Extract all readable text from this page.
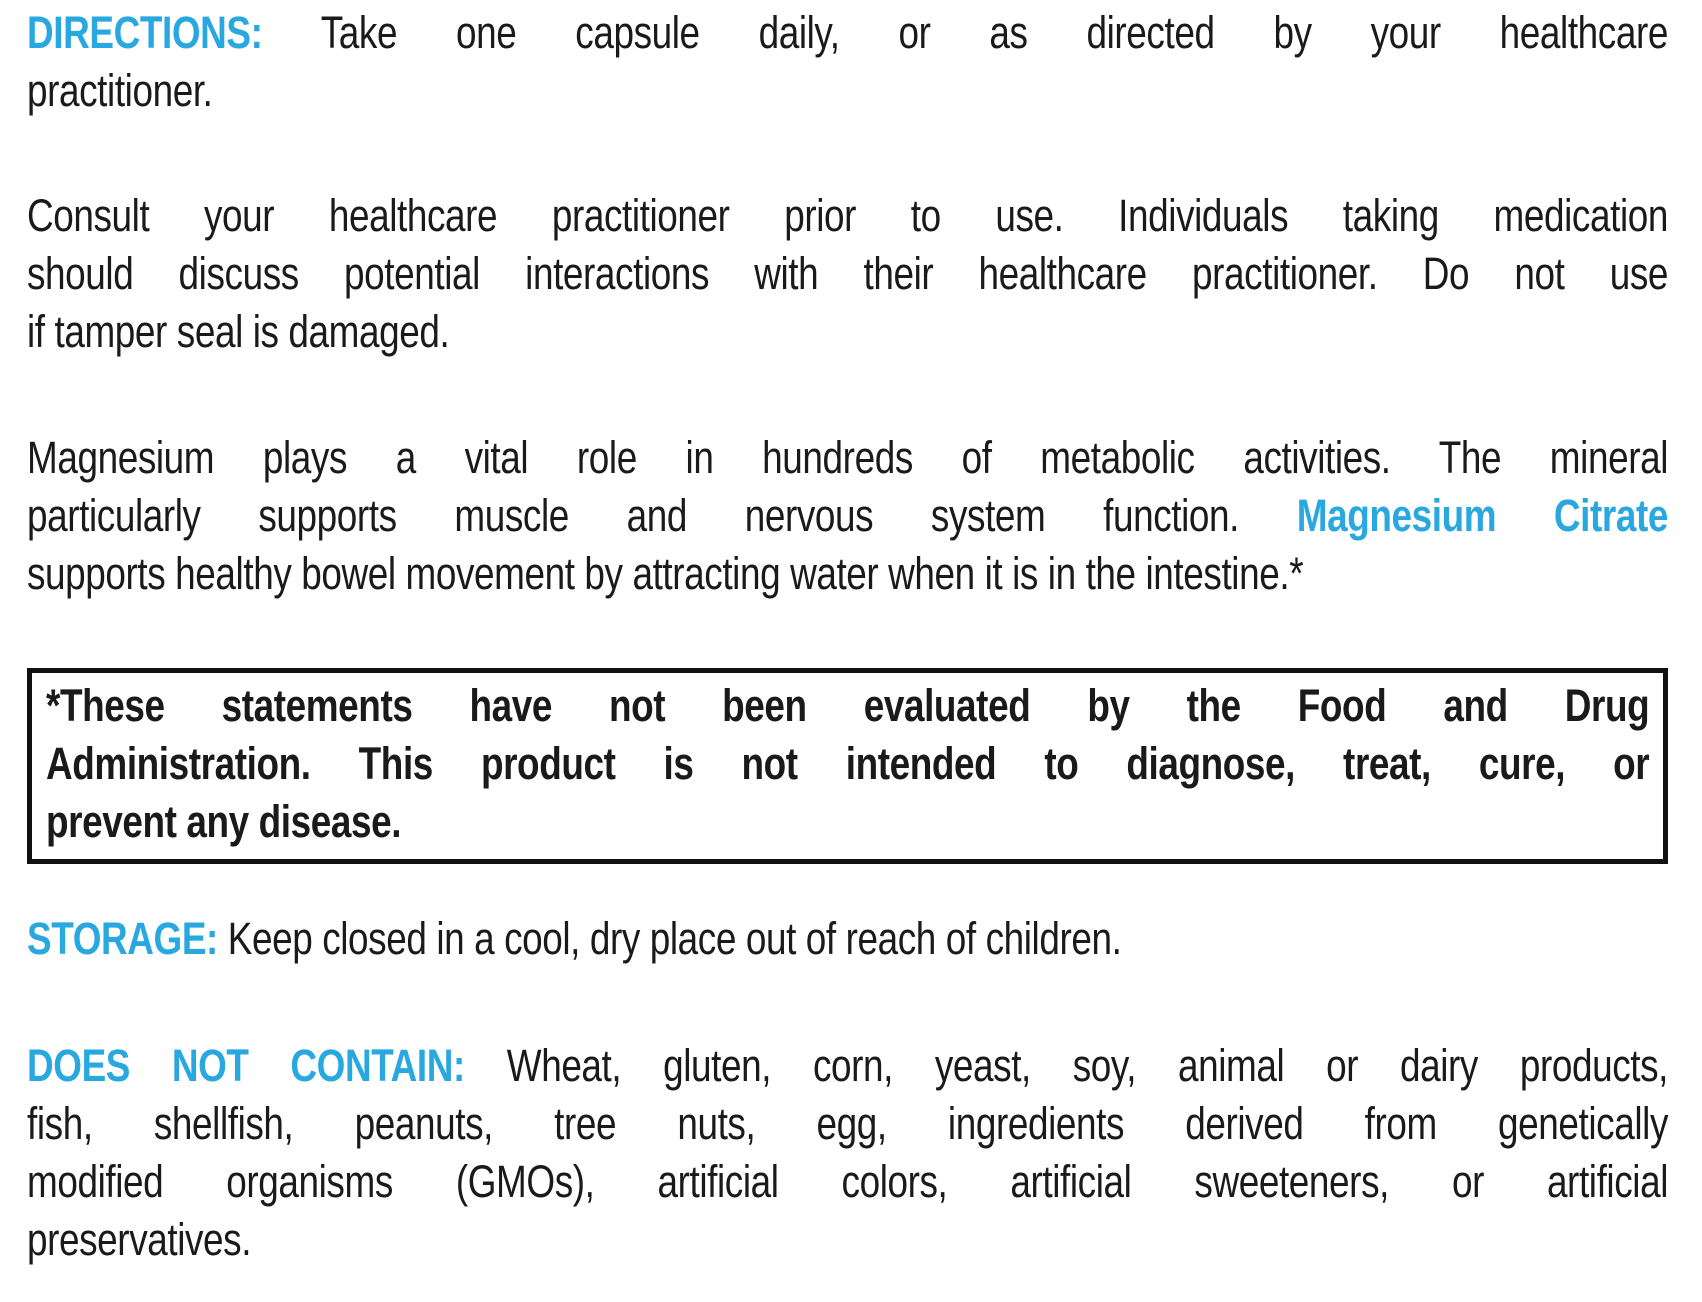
DIRECTIONS: Take one capsule daily, or as directed by your healthcare
practitioner.
Consult your healthcare practitioner prior to use. Individuals taking medication
should discuss potential interactions with their healthcare practitioner. Do not use
if tamper seal is damaged.
Magnesium plays a vital role in hundreds of metabolic activities. The mineral
particularly supports muscle and nervous system function. Magnesium Citrate
supports healthy bowel movement by attracting water when it is in the intestine.*
*These statements have not been evaluated by the Food and Drug
Administration. This product is not intended to diagnose, treat, cure, or
prevent any disease.
STORAGE: Keep closed in a cool, dry place out of reach of children.
DOES NOT CONTAIN: Wheat, gluten, corn, yeast, soy, animal or dairy products,
fish, shellfish, peanuts, tree nuts, egg, ingredients derived from genetically
modified organisms (GMOs), artificial colors, artificial sweeteners, or artificial
preservatives.
